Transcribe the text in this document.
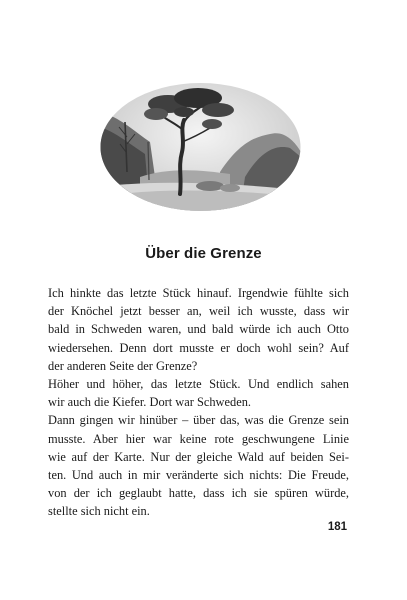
Über die Grenze
Ich hinkte das letzte Stück hinauf. Irgendwie fühlte sich
der Knöchel jetzt besser an, weil ich wusste, dass wir
bald in Schweden waren, und bald würde ich auch Otto
wiedersehen. Denn dort musste er doch wohl sein? Auf
der anderen Seite der Grenze?
Höher und höher, das letzte Stück. Und endlich sahen
wir auch die Kiefer. Dort war Schweden.
Dann gingen wir hinüber – über das, was die Grenze sein
musste. Aber hier war keine rote geschwungene Linie
wie auf der Karte. Nur der gleiche Wald auf beiden Sei-
ten. Und auch in mir veränderte sich nichts: Die Freude,
von der ich geglaubt hatte, dass ich sie spüren würde,
stellte sich nicht ein.
181
